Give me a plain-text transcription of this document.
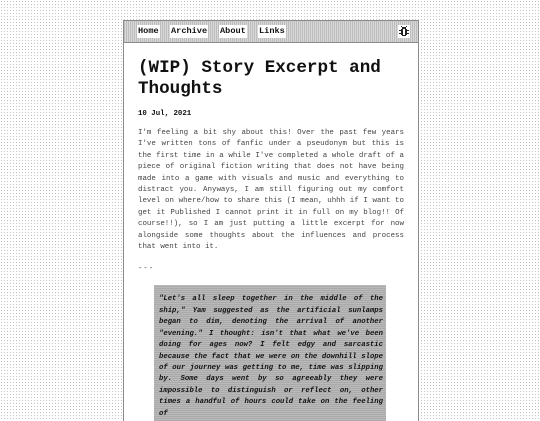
Home Archive About Links
(WIP) Story Excerpt and Thoughts
10 Jul, 2021

I'm feeling a bit shy about this! Over the past few years I've written tons of fanfic under a pseudonym but this is the first time in a while I've completed a whole draft of a piece of original fiction writing that does not have being made into a game with visuals and music and everything to distract you. Anyways, I am still figuring out my comfort level on where/how to share this (I mean, uhhh if I want to get it Published I cannot print it in full on my blog!! Of course!!), so I am just putting a little excerpt for now alongside some thoughts about the influences and process that went into it.

---
"Let's all sleep together in the middle of the ship," Yam suggested as the artificial sunlamps began to dim, denoting the arrival of another "evening." I thought: isn't that what we've been doing for ages now? I felt edgy and sarcastic because the fact that we were on the downhill slope of our journey was getting to me, time was slipping by. Some days went by so agreeably they were impossible to distinguish or reflect on, other times a handful of hours could take on the feeling of
